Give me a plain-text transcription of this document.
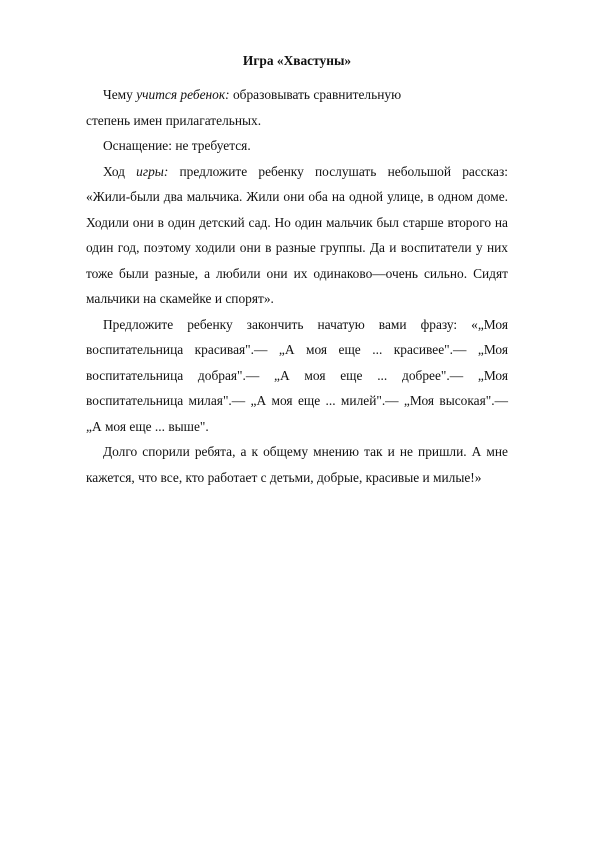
Игра «Хвастуны»

Чему учится ребенок: образовывать сравнительную степень имен прилагательных.

Оснащение: не требуется.

Ход игры: предложите ребенку послушать небольшой рассказ: «Жили-были два мальчика. Жили они оба на одной улице, в одном доме. Ходили они в один детский сад. Но один мальчик был старше второго на один год, поэтому ходили они в разные группы. Да и воспитатели у них тоже были разные, а любили они их одинаково—очень сильно. Сидят мальчики на скамейке и спорят».

Предложите ребенку закончить начатую вами фразу: «„Моя воспитательница красивая".— „А моя еще ... красивее".— „Моя воспитательница добрая".— „А моя еще ... добрее".— „Моя воспитательница милая".— „А моя еще ... милей".— „Моя высокая".— „А моя еще ... выше".

Долго спорили ребята, а к общему мнению так и не пришли. А мне кажется, что все, кто работает с детьми, добрые, красивые и милые!»
